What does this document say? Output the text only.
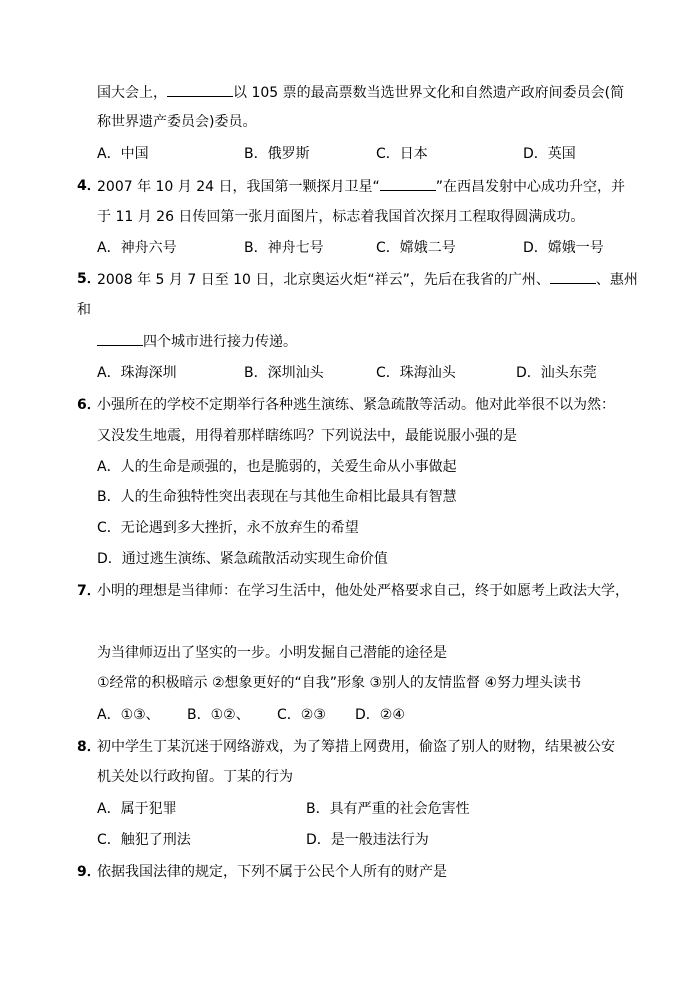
国大会上，	以 105 票的最高票数当选世界文化和自然遗产政府间委员会(简
称世界遗产委员会)委员。
A．中国	B．俄罗斯	C．日本	D．英国
4．
2007 年 10 月 24 日，我国第一颗探月卫星“	”在西昌发射中心成功升空，并
于 11 月 26 日传回第一张月面图片，标志着我国首次探月工程取得圆满成功。
A．神舟六号	B．神舟七号	C．嫦娥二号	D．嫦娥一号
5．
2008 年 5 月 7 日至 10 日，北京奥运火炬“祥云”，先后在我省的广州、	、惠州
和
四个城市进行接力传递。
A．珠海深圳	B．深圳汕头	C．珠海汕头	D．汕头东莞
6．
小强所在的学校不定期举行各种逃生演练、紧急疏散等活动。他对此举很不以为然：
又没发生地震，用得着那样瞎练吗？下列说法中，最能说服小强的是
A．人的生命是顽强的，也是脆弱的，关爱生命从小事做起
B．人的生命独特性突出表现在与其他生命相比最具有智慧
C．无论遇到多大挫折，永不放弃生的希望
D．通过逃生演练、紧急疏散活动实现生命价值
7．
小明的理想是当律师：在学习生活中，他处处严格要求自己，终于如愿考上政法大学，
为当律师迈出了坚实的一步。小明发掘自己潜能的途径是
①经常的积极暗示 ②想象更好的“自我”形象 ③别人的友情监督 ④努力埋头读书
A．①③、 B．①②、 C．②③ D．②④
8．
初中学生丁某沉迷于网络游戏，为了筹措上网费用，偷盗了别人的财物，结果被公安
机关处以行政拘留。丁某的行为
A．属于犯罪	B．具有严重的社会危害性
C．触犯了刑法	D．是一般违法行为
9．
依据我国法律的规定，下列不属于公民个人所有的财产是
